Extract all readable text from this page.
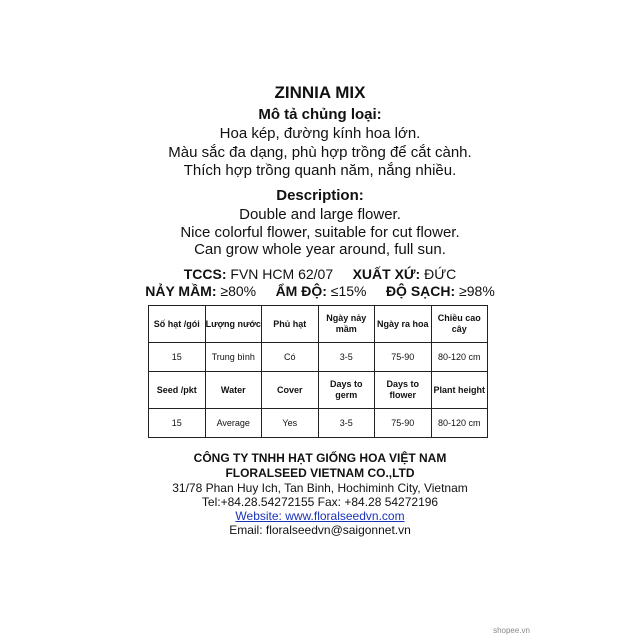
ZINNIA MIX
Mô tả chủng loại:
Hoa kép, đường kính hoa lớn.
Màu sắc đa dạng, phù hợp trồng để cắt cành.
Thích hợp trồng quanh năm, nắng nhiều.
Description:
Double and large flower.
Nice colorful flower, suitable for cut flower.
Can grow whole year around, full sun.
TCCS: FVN HCM 62/07 XUẤT XỨ: ĐỨC
NẢY MẦM: ≥80% ẨM ĐỘ: ≤15% ĐỘ SẠCH: ≥98%
Số hạt /gói	Lượng nước	Phủ hạt	Ngày nảy mầm	Ngày ra hoa	Chiều cao cây
15	Trung bình	Có	3-5	75-90	80-120 cm
Seed /pkt	Water	Cover	Days to germ	Days to flower	Plant height
15	Average	Yes	3-5	75-90	80-120 cm
CÔNG TY TNHH HẠT GIỐNG HOA VIỆT NAM
FLORALSEED VIETNAM CO.,LTD
31/78 Phan Huy Ich, Tan Binh, Hochiminh City, Vietnam
Tel:+84.28.54272155 Fax: +84.28 54272196
Website: www.floralseedvn.com
Email: floralseedvn@saigonnet.vn
shopee.vn
